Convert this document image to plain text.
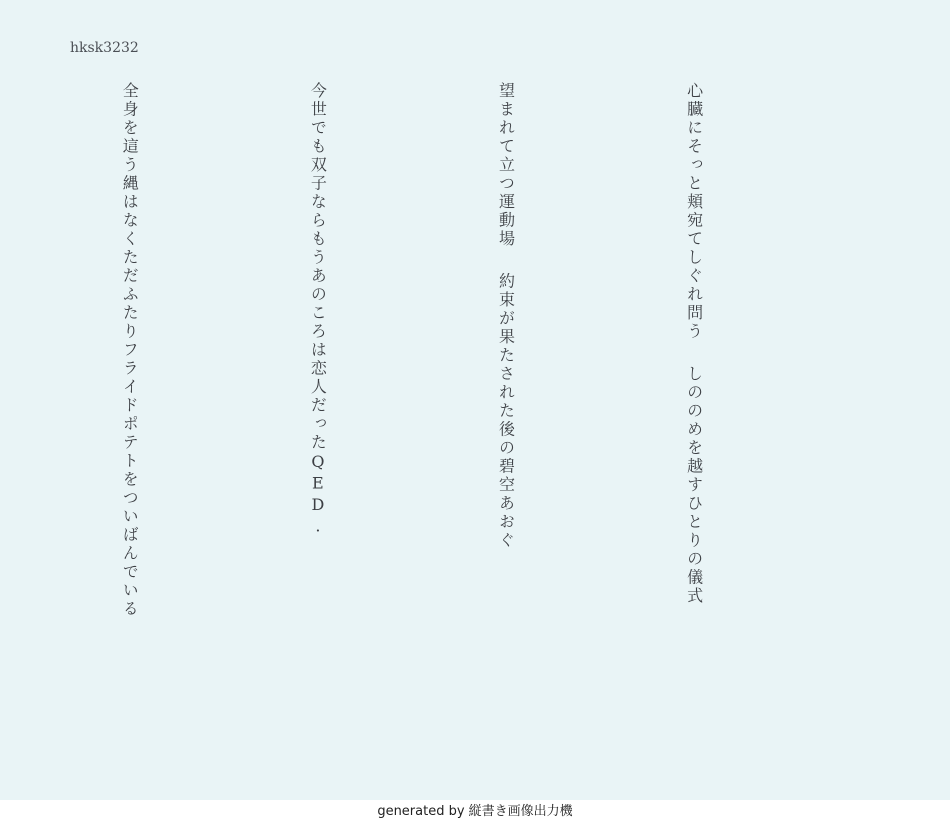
hksk3232

心臓にそっと頬宛てしぐれ問うしののめを越すひとりの儀式

望まれて立つ運動場約束が果たされた後の碧空あおぐ

今世でも双子ならもうあのころは恋人だったQED.

全身を這う縄はなくただふたりフライドポテトをついばんでいる

generated by 縦書き画像出力機
